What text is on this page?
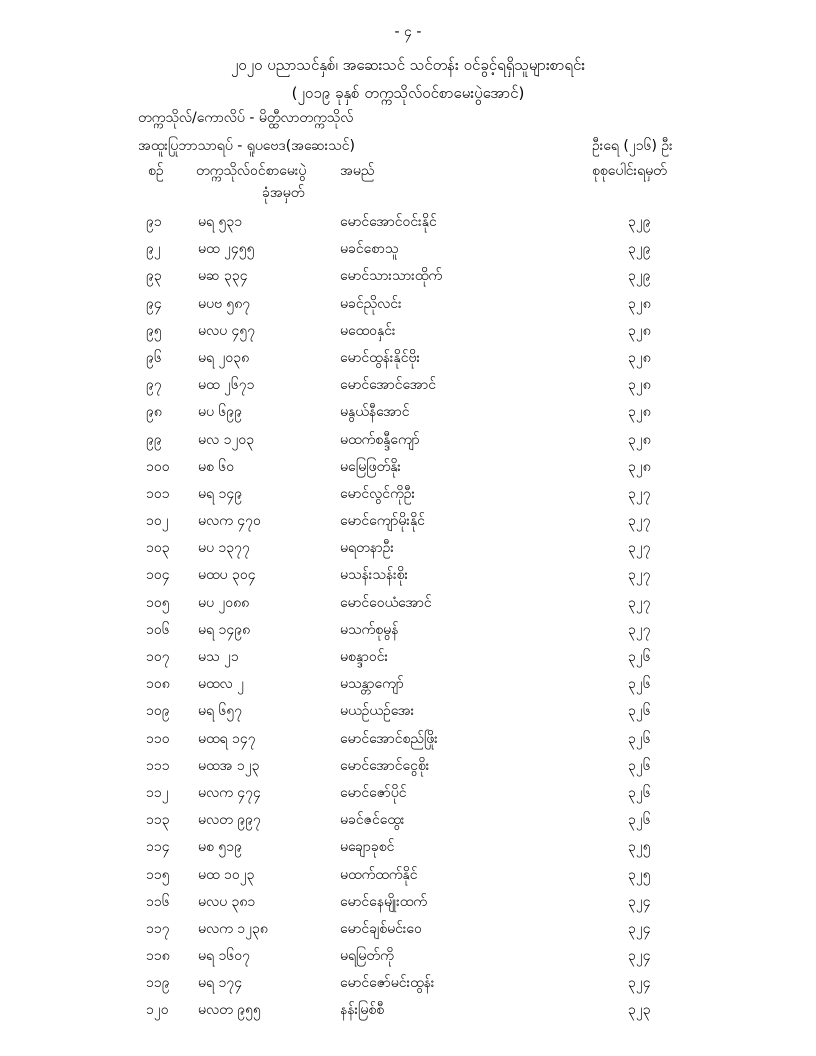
- ၄ -
၂၀၂၀ ပညာသင်နှစ်၊ အဆေးသင် သင်တန်း ဝင်ခွင့်ရရှိသူများစာရင်း
(၂၀၁၉ ခုနှစ် တက္ကသိုလ်ဝင်စာမေးပွဲအောင်)
တက္ကသိုလ်/ကောလိပ် - မိတ္ထီလာတက္ကသိုလ်
အထူးပြုဘာသာရပ် - ရူပဗေဒ(အဆေးသင်)	ဦးရေ (၂၁၆) ဦး
စဉ် တက္ကသိုလ်ဝင်စာမေးပွဲ
ခုံအမှတ်
အမည်	စုစုပေါင်းရမှတ်
၉၁	မရ ၅၃၁	မောင်အောင်ဝင်းနိုင်	၃၂၉
၉၂	မထ ၂၄၅၅	မခင်စောသူ	၃၂၉
၉၃	မဆ ၃၃၄	မောင်သားသားထိုက်	၃၂၉
၉၄	မပဗ ၅၈၇	မခင်ညိုလင်း	၃၂၈
၉၅	မလပ ၄၅၇	မထေဝနှင်း	၃၂၈
၉၆	မရ ၂၀၃၈	မောင်ထွန်းနိုင်ဗိုး	၃၂၈
၉၇	မထ ၂၆၇၁	မောင်အောင်အောင်	၃၂၈
၉၈	မပ ၆၉၉	မနွယ်နီအောင်	၃၂၈
၉၉	မလ ၁၂၀၃	မထက်စန္ဒီကျော်	၃၂၈
၁၀၀ မစ ၆၀	မမြေဖြတ်နိုး	၃၂၈
၁၀၁ မရ ၁၄၉	မောင်လွင်ကိုဦး	၃၂၇
၁၀၂ မလက ၄၇၀	မောင်ကျော်မိုးနိုင်	၃၂၇
၁၀၃ မပ ၁၃၇၇	မရတနာဦး	၃၂၇
၁၀၄ မထပ ၃၀၄	မသန်းသန်းစိုး	၃၂၇
၁၀၅ မပ ၂၀၈၈	မောင်ဝေယံအောင်	၃၂၇
၁၀၆ မရ ၁၄၉၈	မသက်စုမွန်	၃၂၇
၁၀၇ မသ ၂၁	မစန္ဒာဝင်း	၃၂၆
၁၀၈ မထလ ၂	မသန္တာကျော်	၃၂၆
၁၀၉ မရ ၆၅၇	မယဉ်ယဉ်အေး	၃၂၆
၁၁၀ မထရ ၁၄၇	မောင်အောင်စည်ဖြိုး	၃၂၆
၁၁၁ မထအ ၁၂၃	မောင်အောင်ငွေစိုး	၃၂၆
၁၁၂ မလက ၄၇၄	မောင်ဇော်ပိုင်	၃၂၆
၁၁၃ မလတ ၉၉၇	မခင်ဇင်ထွေး	၃၂၆
၁၁၄ မစ ၅၁၉	မချောခုစင်	၃၂၅
၁၁၅ မထ ၁၀၂၃	မထက်ထက်နိုင်	၃၂၅
၁၁၆ မလပ ၃၈၁	မောင်နေမျိုးထက်	၃၂၄
၁၁၇ မလက ၁၂၃၈	မောင်ချစ်မင်းဝေ	၃၂၄
၁၁၈ မရ ၁၆၀၇	မရမြတ်ကို	၃၂၄
၁၁၉ မရ ၁၇၄	မောင်ဇော်မင်းထွန်း	၃၂၄
၁၂၀ မလတ ၉၅၅	နန်းမြစ်စီ	၃၂၃
